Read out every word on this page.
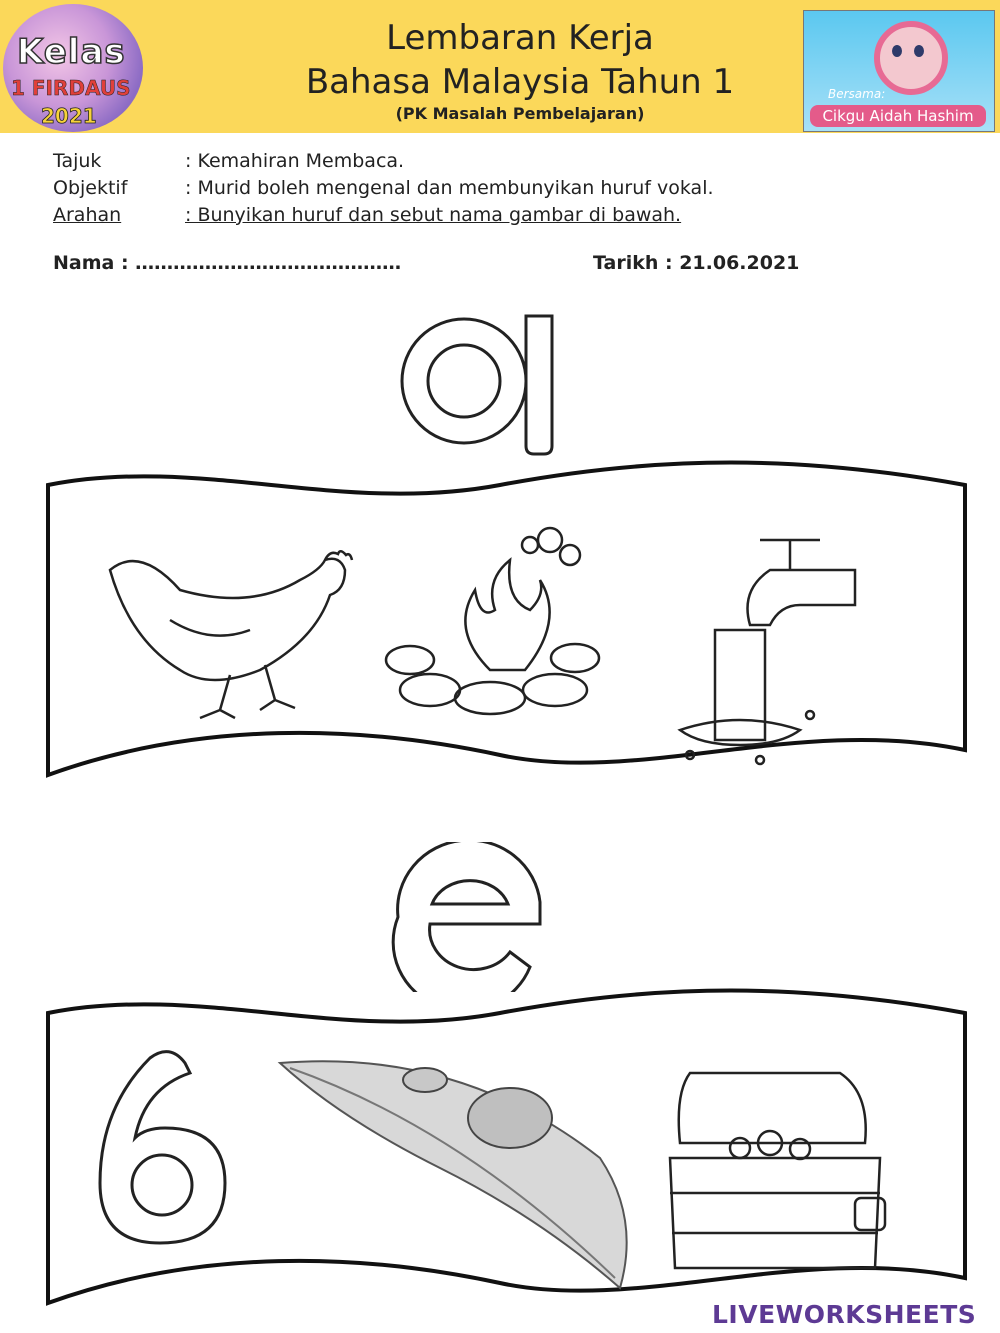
Kelas
1 FIRDAUS
2021
Lembaran Kerja
Bahasa Malaysia Tahun 1
(PK Masalah Pembelajaran)
Bersama:
Cikgu Aidah Hashim
Tajuk	: Kemahiran Membaca.
Objektif	: Murid boleh mengenal dan membunyikan huruf vokal.
Arahan	: Bunyikan huruf dan sebut nama gambar di bawah.
Nama : ……………………………………	Tarikh : 21.06.2021
LIVEWORKSHEETS
